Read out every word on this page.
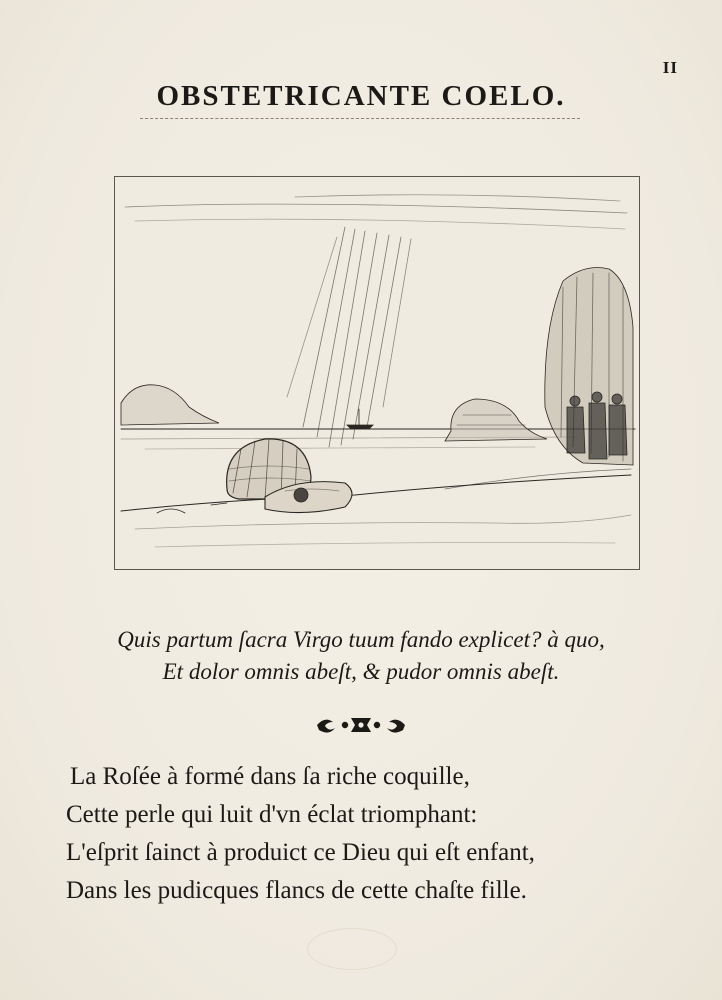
II
OBSTETRICANTE COELO.
Quis partum ſacra Virgo tuum fando explicet? à quo,
Et dolor omnis abeſt, & pudor omnis abeſt.
La Roſée à formé dans ſa riche coquille,
Cette perle qui luit d'vn éclat triomphant:
L'eſprit ſainct à produict ce Dieu qui eſt enfant,
Dans les pudicques flancs de cette chaſte fille.
